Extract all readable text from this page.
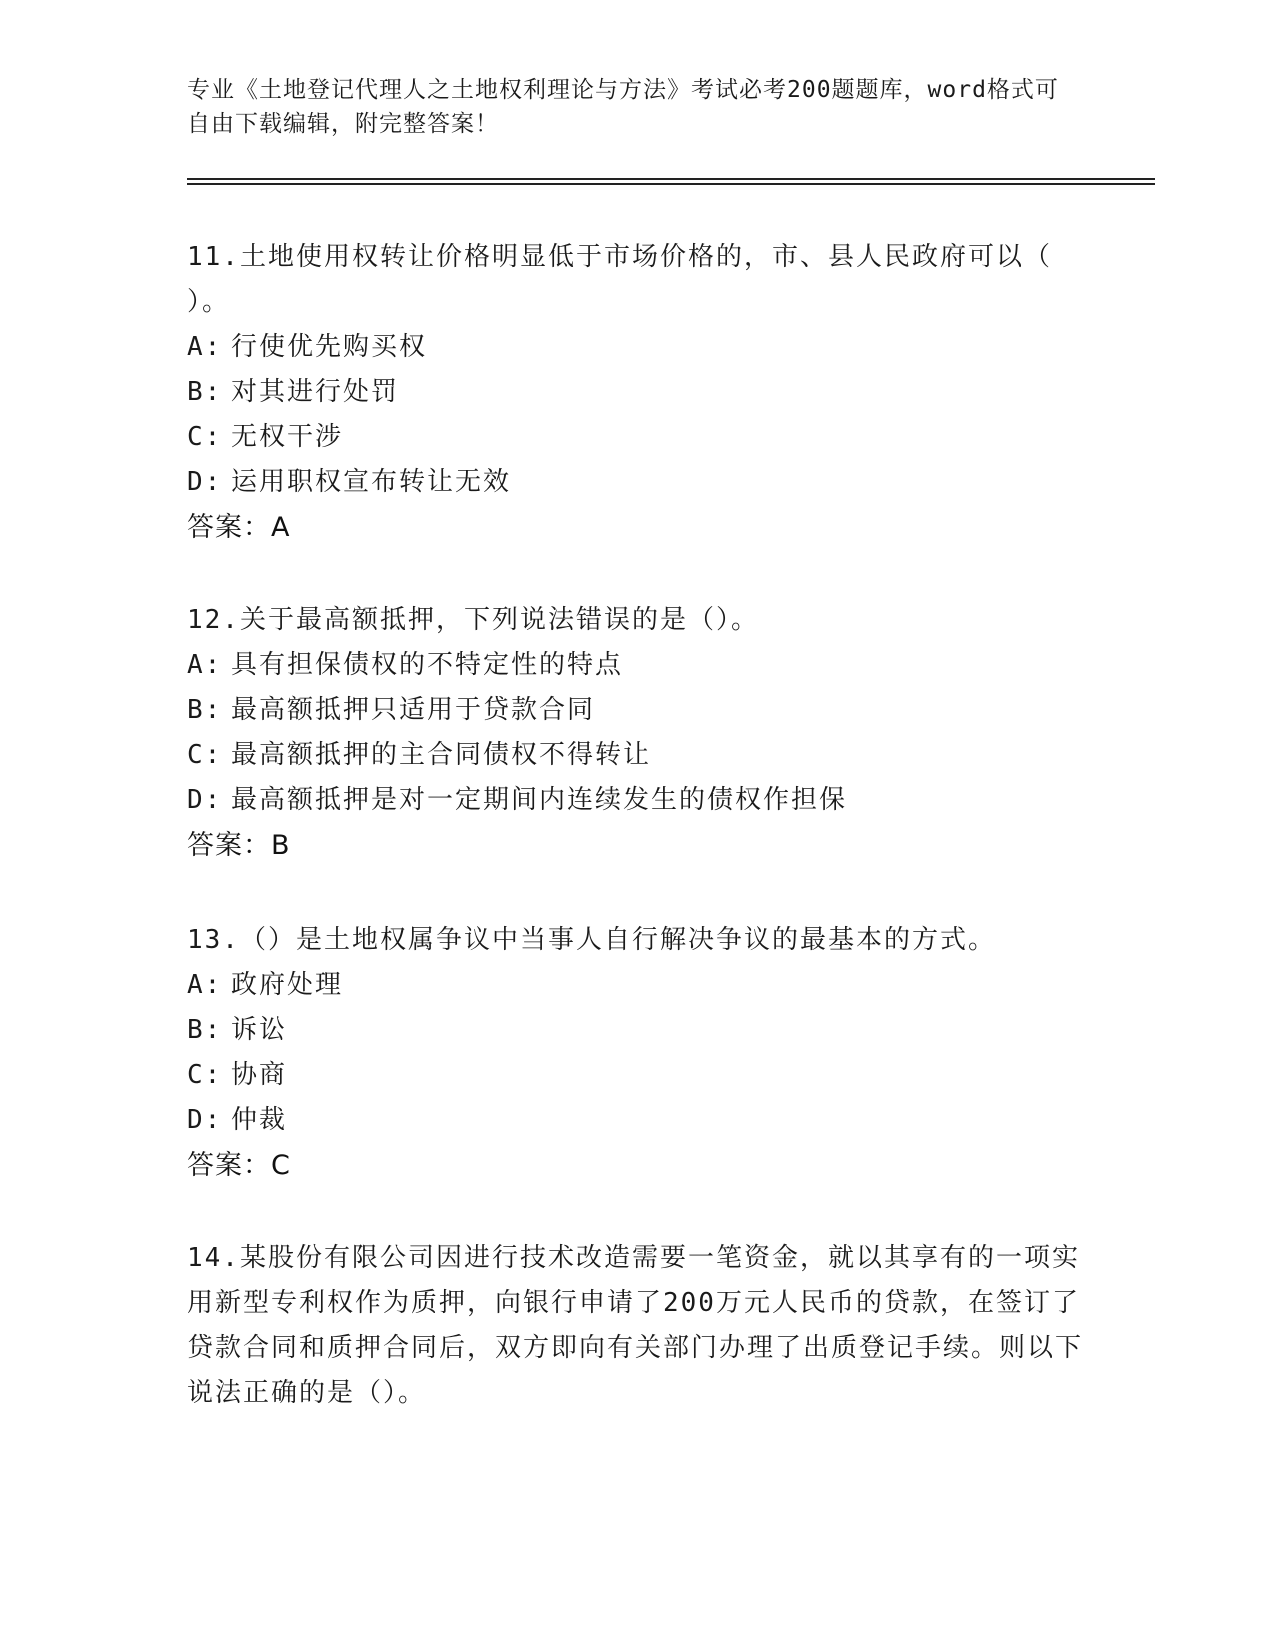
专业《土地登记代理人之土地权利理论与方法》考试必考200题题库，word格式可自由下载编辑，附完整答案！

11.土地使用权转让价格明显低于市场价格的，市、县人民政府可以（ ）。

A: 行使优先购买权

B: 对其进行处罚

C: 无权干涉

D: 运用职权宣布转让无效

答案：A

12.关于最高额抵押，下列说法错误的是（）。

A: 具有担保债权的不特定性的特点

B: 最高额抵押只适用于贷款合同

C: 最高额抵押的主合同债权不得转让

D: 最高额抵押是对一定期间内连续发生的债权作担保

答案：B

13.（）是土地权属争议中当事人自行解决争议的最基本的方式。

A: 政府处理

B: 诉讼

C: 协商

D: 仲裁

答案：C

14.某股份有限公司因进行技术改造需要一笔资金，就以其享有的一项实用新型专利权作为质押，向银行申请了200万元人民币的贷款，在签订了贷款合同和质押合同后，双方即向有关部门办理了出质登记手续。则以下说法正确的是（）。
